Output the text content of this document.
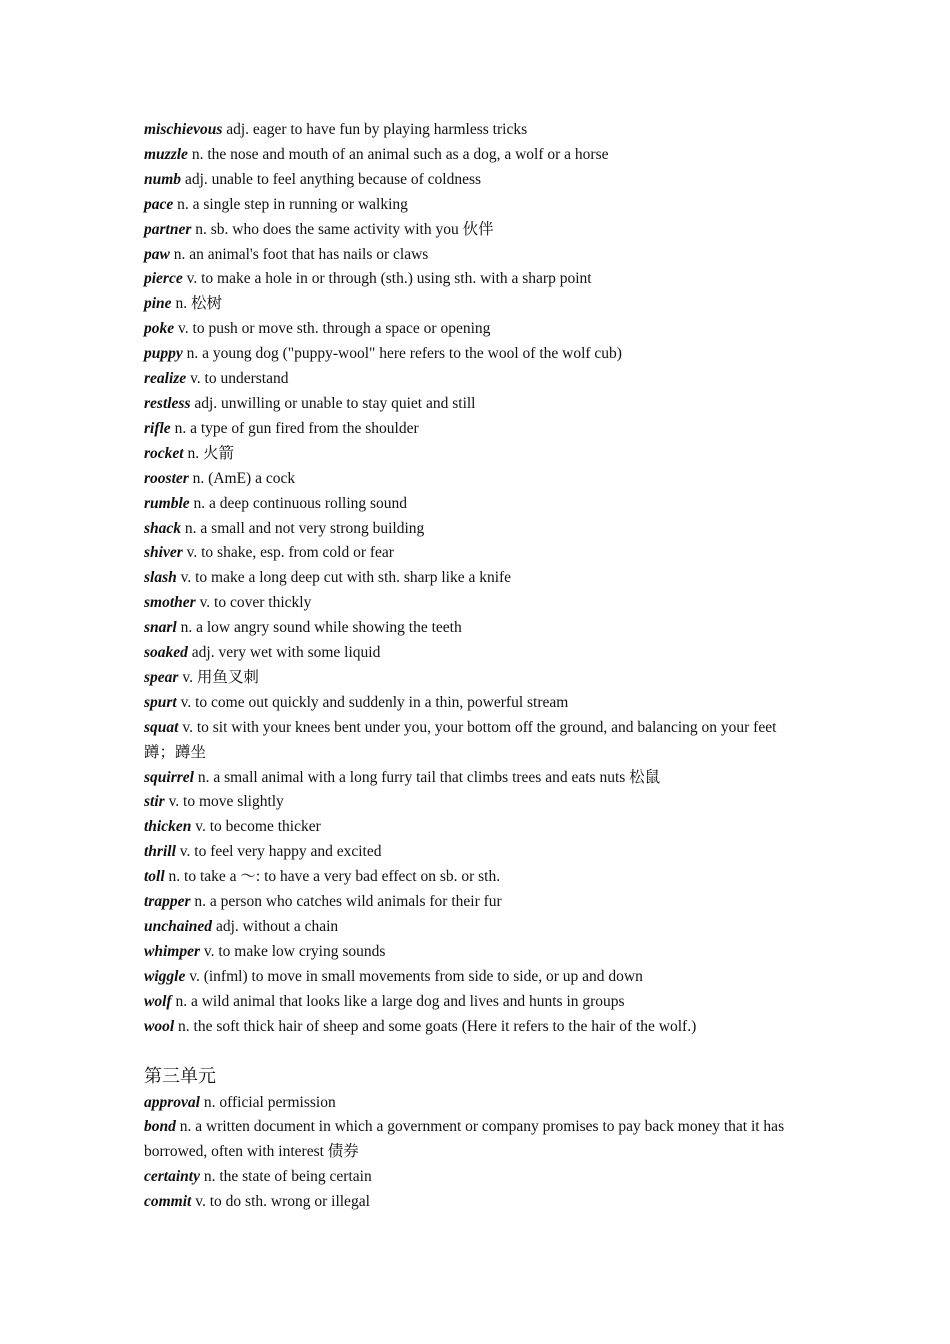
mischievous adj. eager to have fun by playing harmless tricks

muzzle n. the nose and mouth of an animal such as a dog, a wolf or a horse

numb adj. unable to feel anything because of coldness

pace n. a single step in running or walking

partner n. sb. who does the same activity with you 伙伴

paw n. an animal's foot that has nails or claws

pierce v. to make a hole in or through (sth.) using sth. with a sharp point

pine n. 松树

poke v. to push or move sth. through a space or opening

puppy n. a young dog ("puppy-wool" here refers to the wool of the wolf cub)

realize v. to understand

restless adj. unwilling or unable to stay quiet and still

rifle n. a type of gun fired from the shoulder

rocket n. 火箭

rooster n. (AmE) a cock

rumble n. a deep continuous rolling sound

shack n. a small and not very strong building

shiver v. to shake, esp. from cold or fear

slash v. to make a long deep cut with sth. sharp like a knife

smother v. to cover thickly

snarl n. a low angry sound while showing the teeth

soaked adj. very wet with some liquid

spear v. 用鱼叉刺

spurt v. to come out quickly and suddenly in a thin, powerful stream

squat v. to sit with your knees bent under you, your bottom off the ground, and balancing on your feet 蹲；蹲坐

squirrel n. a small animal with a long furry tail that climbs trees and eats nuts 松鼠

stir v. to move slightly

thicken v. to become thicker

thrill v. to feel very happy and excited

toll n. to take a ～: to have a very bad effect on sb. or sth.

trapper n. a person who catches wild animals for their fur

unchained adj. without a chain

whimper v. to make low crying sounds

wiggle v. (infml) to move in small movements from side to side, or up and down

wolf n. a wild animal that looks like a large dog and lives and hunts in groups

wool n. the soft thick hair of sheep and some goats (Here it refers to the hair of the wolf.)

第三单元

approval n. official permission

bond n. a written document in which a government or company promises to pay back money that it has borrowed, often with interest 债券

certainty n. the state of being certain

commit v. to do sth. wrong or illegal
